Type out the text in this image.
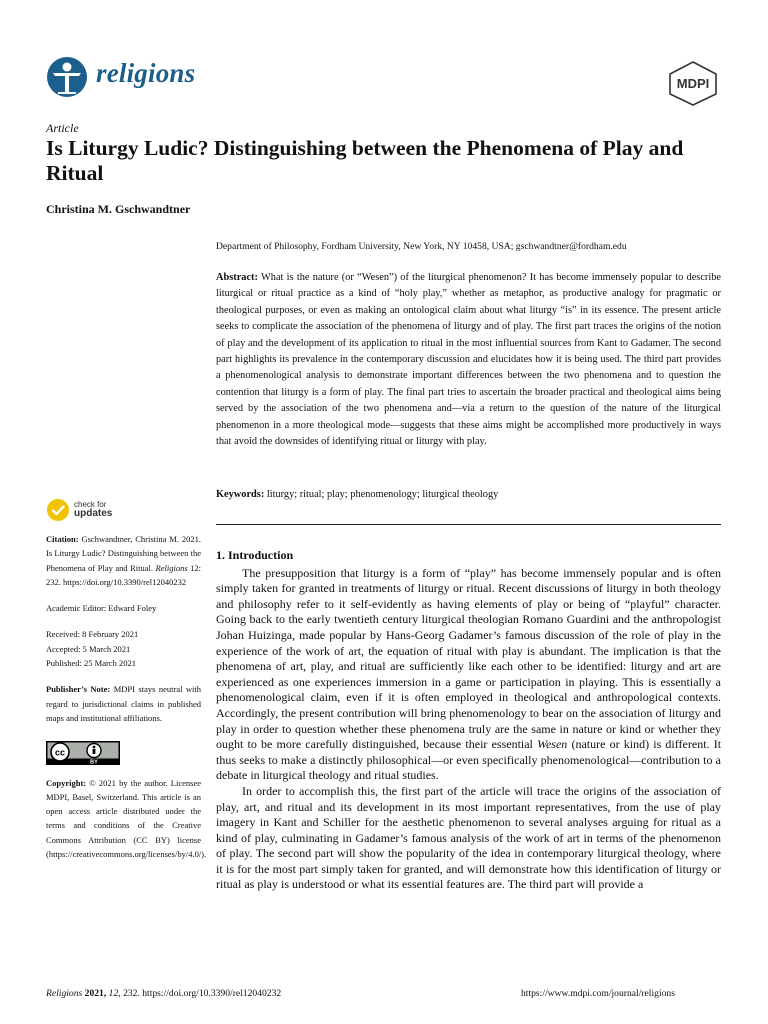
religions	MDPI
Article
Is Liturgy Ludic? Distinguishing between the Phenomena of Play and Ritual
Christina M. Gschwandtner
Department of Philosophy, Fordham University, New York, NY 10458, USA; gschwandtner@fordham.edu
Abstract: What is the nature (or “Wesen”) of the liturgical phenomenon? It has become immensely popular to describe liturgical or ritual practice as a kind of “holy play,” whether as metaphor, as productive analogy for pragmatic or theological purposes, or even as making an ontological claim about what liturgy “is” in its essence. The present article seeks to complicate the association of the phenomena of liturgy and of play. The first part traces the origins of the notion of play and the development of its application to ritual in the most influential sources from Kant to Gadamer. The second part highlights its prevalence in the contemporary discussion and elucidates how it is being used. The third part provides a phenomenological analysis to demonstrate important differences between the two phenomena and to question the contention that liturgy is a form of play. The final part tries to ascertain the broader practical and theological aims being served by the association of the two phenomena and—via a return to the question of the nature of the liturgical phenomenon in a more theological mode—suggests that these aims might be accomplished more productively in ways that avoid the downsides of identifying ritual or liturgy with play.
Keywords: liturgy; ritual; play; phenomenology; liturgical theology
check for
updates
Citation: Gschwandtner, Christina M. 2021. Is Liturgy Ludic? Distinguishing between the Phenomena of Play and Ritual. Religions 12: 232. https://doi.org/10.3390/rel12040232

Academic Editor: Edward Foley

Received: 8 February 2021

Accepted: 5 March 2021

Published: 25 March 2021

Publisher’s Note: MDPI stays neutral with regard to jurisdictional claims in published maps and institutional affiliations.
cc
BY
Copyright: © 2021 by the author. Licensee MDPI, Basel, Switzerland. This article is an open access article distributed under the terms and conditions of the Creative Commons Attribution (CC BY) license (https://creativecommons.org/licenses/by/4.0/).
1. Introduction

The presupposition that liturgy is a form of “play” has become immensely popular and is often simply taken for granted in treatments of liturgy or ritual. Recent discussions of liturgy in both theology and philosophy refer to it self-evidently as having elements of play or being of “playful” character. Going back to the early twentieth century liturgical theologian Romano Guardini and the anthropologist Johan Huizinga, made popular by Hans-Georg Gadamer’s famous discussion of the role of play in the experience of the work of art, the equation of ritual with play is abundant. The implication is that the phenomena of art, play, and ritual are sufficiently like each other to be identified: liturgy and art are experienced as one experiences immersion in a game or participation in playing. This is essentially a phenomenological claim, even if it is often employed in theological and anthropological contexts. Accordingly, the present contribution will bring phenomenology to bear on the association of liturgy and play in order to question whether these phenomena truly are the same in nature or kind or whether they ought to be more carefully distinguished, because their essential Wesen (nature or kind) is different. It thus seeks to make a distinctly philosophical—or even specifically phenomenological—contribution to a debate in liturgical theology and ritual studies.

In order to accomplish this, the first part of the article will trace the origins of the association of play, art, and ritual and its development in its most important representatives, from the use of play imagery in Kant and Schiller for the aesthetic phenomenon to several analyses arguing for ritual as a kind of play, culminating in Gadamer’s famous analysis of the work of art in terms of the phenomenon of play. The second part will show the popularity of the idea in contemporary liturgical theology, where it is for the most part simply taken for granted, and will demonstrate how this identification of liturgy or ritual as play is understood or what its essential features are. The third part will provide a

Religions 2021, 12, 232. https://doi.org/10.3390/rel12040232	https://www.mdpi.com/journal/religions
